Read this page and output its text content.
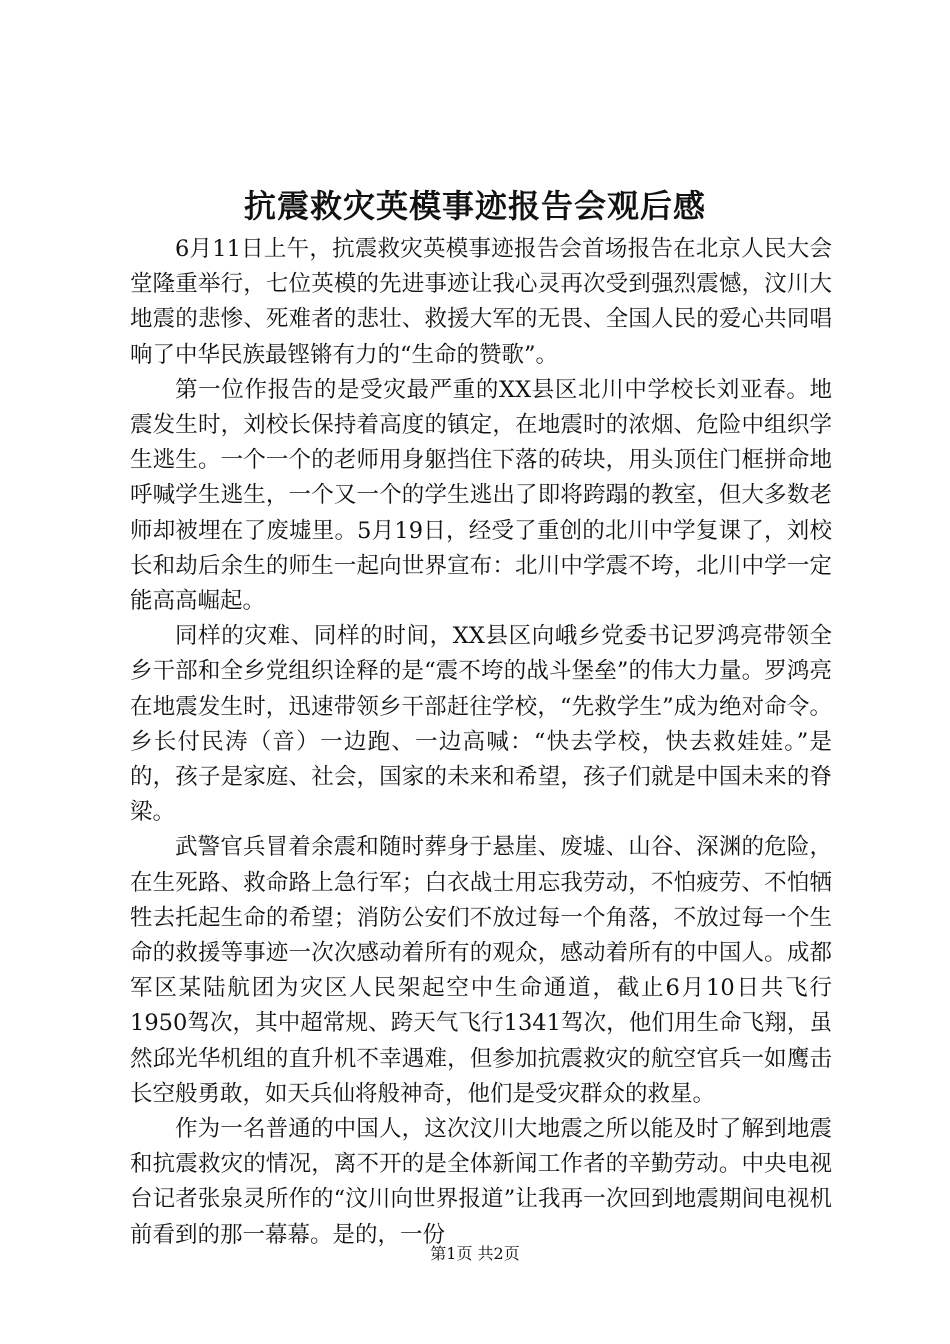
抗震救灾英模事迹报告会观后感

6月11日上午，抗震救灾英模事迹报告会首场报告在北京人民大会堂隆重举行，七位英模的先进事迹让我心灵再次受到强烈震憾，汶川大地震的悲惨、死难者的悲壮、救援大军的无畏、全国人民的爱心共同唱响了中华民族最铿锵有力的“生命的赞歌”。

第一位作报告的是受灾最严重的XX县区北川中学校长刘亚春。地震发生时，刘校长保持着高度的镇定，在地震时的浓烟、危险中组织学生逃生。一个一个的老师用身躯挡住下落的砖块，用头顶住门框拼命地呼喊学生逃生，一个又一个的学生逃出了即将跨蹋的教室，但大多数老师却被埋在了废墟里。5月19日，经受了重创的北川中学复课了，刘校长和劫后余生的师生一起向世界宣布：北川中学震不垮，北川中学一定能高高崛起。

同样的灾难、同样的时间，XX县区向峨乡党委书记罗鸿亮带领全乡干部和全乡党组织诠释的是“震不垮的战斗堡垒”的伟大力量。罗鸿亮在地震发生时，迅速带领乡干部赶往学校，“先救学生”成为绝对命令。乡长付民涛（音）一边跑、一边高喊：“快去学校，快去救娃娃。”是的，孩子是家庭、社会，国家的未来和希望，孩子们就是中国未来的脊梁。

武警官兵冒着余震和随时葬身于悬崖、废墟、山谷、深渊的危险，在生死路、救命路上急行军；白衣战士用忘我劳动，不怕疲劳、不怕牺牲去托起生命的希望；消防公安们不放过每一个角落，不放过每一个生命的救援等事迹一次次感动着所有的观众，感动着所有的中国人。成都军区某陆航团为灾区人民架起空中生命通道，截止6月10日共飞行1950驾次，其中超常规、跨天气飞行1341驾次，他们用生命飞翔，虽然邱光华机组的直升机不幸遇难，但参加抗震救灾的航空官兵一如鹰击长空般勇敢，如天兵仙将般神奇，他们是受灾群众的救星。

作为一名普通的中国人，这次汶川大地震之所以能及时了解到地震和抗震救灾的情况，离不开的是全体新闻工作者的辛勤劳动。中央电视台记者张泉灵所作的“汶川向世界报道”让我再一次回到地震期间电视机前看到的那一幕幕。是的，一份

第1页 共2页
